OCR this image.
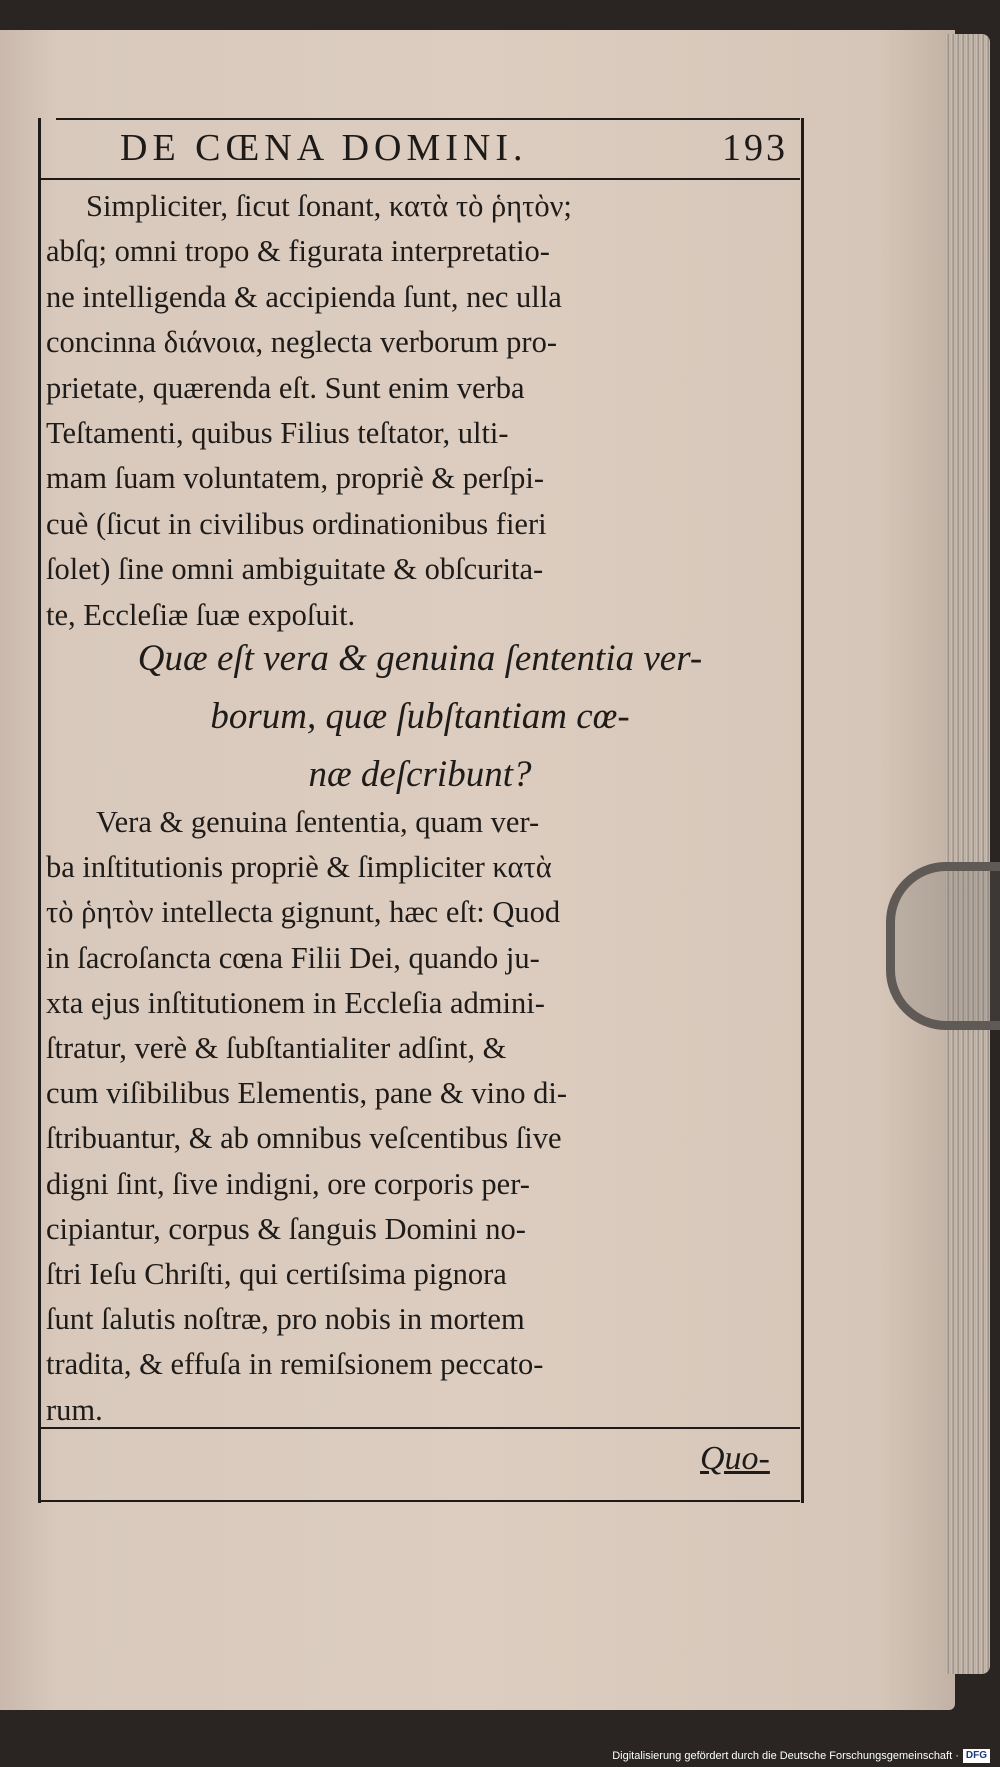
DE CŒNA DOMINI.	193
Simpliciter, ſicut ſonant, κατὰ τὸ ῥητὸν;
abſq; omni tropo & figurata interpretatio-
ne intelligenda & accipienda ſunt, nec ulla
concinna διάνοια, neglecta verborum pro-
prietate, quærenda eſt. Sunt enim verba
Teſtamenti, quibus Filius teſtator, ulti-
mam ſuam voluntatem, propriè & perſpi-
cuè (ſicut in civilibus ordinationibus fieri
ſolet) ſine omni ambiguitate & obſcurita-
te, Eccleſiæ ſuæ expoſuit.
Quæ eſt vera & genuina ſententia ver-
borum, quæ ſubſtantiam cœ-
næ deſcribunt?
Vera & genuina ſententia, quam ver-
ba inſtitutionis propriè & ſimpliciter κατὰ
τὸ ῥητὸν intellecta gignunt, hæc eſt: Quod
in ſacroſancta cœna Filii Dei, quando ju-
xta ejus inſtitutionem in Eccleſia admini-
ſtratur, verè & ſubſtantialiter adſint, &
cum viſibilibus Elementis, pane & vino di-
ſtribuantur, & ab omnibus veſcentibus ſive
digni ſint, ſive indigni, ore corporis per-
cipiantur, corpus & ſanguis Domini no-
ſtri Ieſu Chriſti, qui certiſsima pignora
ſunt ſalutis noſtræ, pro nobis in mortem
tradita, & effuſa in remiſsionem peccato-
rum.
Quo-
Digitalisierung gefördert durch die Deutsche Forschungsgemeinschaft · DFG
